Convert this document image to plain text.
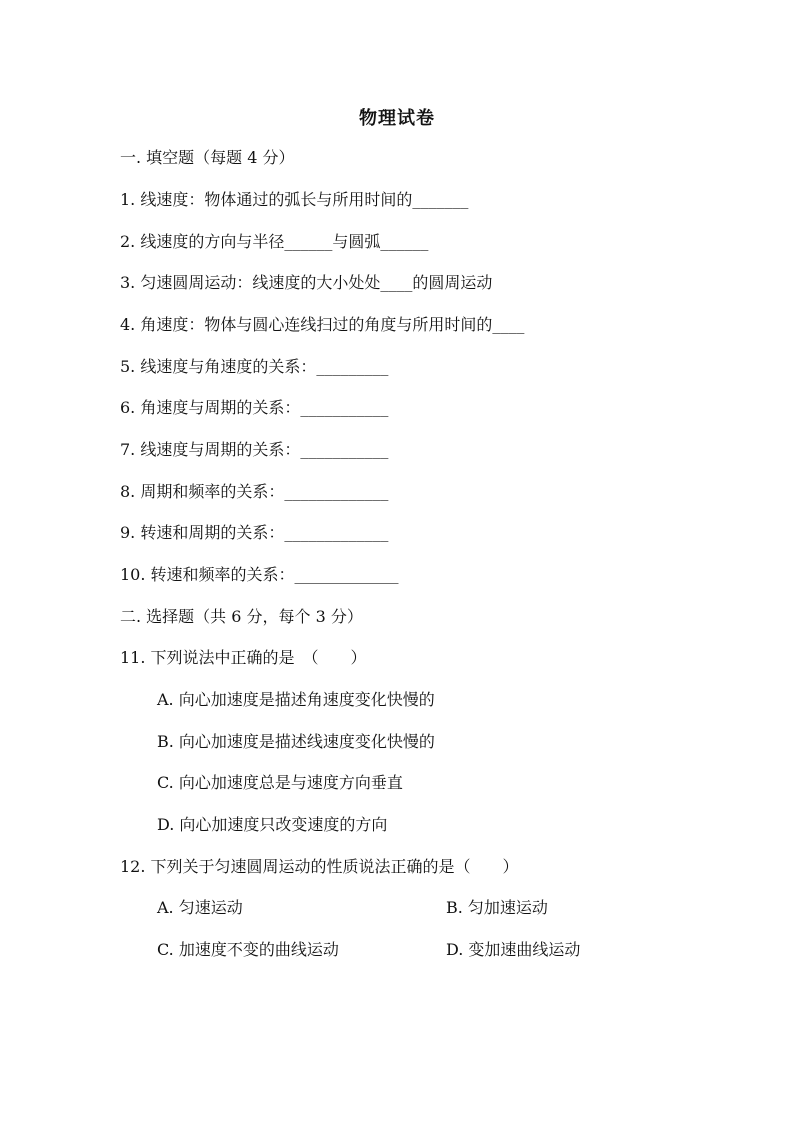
物理试卷
一. 填空题（每题 4 分）
1. 线速度：物体通过的弧长与所用时间的_______
2. 线速度的方向与半径______与圆弧______
3. 匀速圆周运动：线速度的大小处处____的圆周运动
4. 角速度：物体与圆心连线扫过的角度与所用时间的____
5. 线速度与角速度的关系：_________
6. 角速度与周期的关系：___________
7. 线速度与周期的关系：___________
8. 周期和频率的关系：_____________
9. 转速和周期的关系：_____________
10. 转速和频率的关系：_____________
二. 选择题（共 6 分，每个 3 分）
11. 下列说法中正确的是　（　　）
A. 向心加速度是描述角速度变化快慢的
B. 向心加速度是描述线速度变化快慢的
C. 向心加速度总是与速度方向垂直
D. 向心加速度只改变速度的方向
12. 下列关于匀速圆周运动的性质说法正确的是（　　）
A. 匀速运动	B. 匀加速运动
C. 加速度不变的曲线运动	D. 变加速曲线运动
